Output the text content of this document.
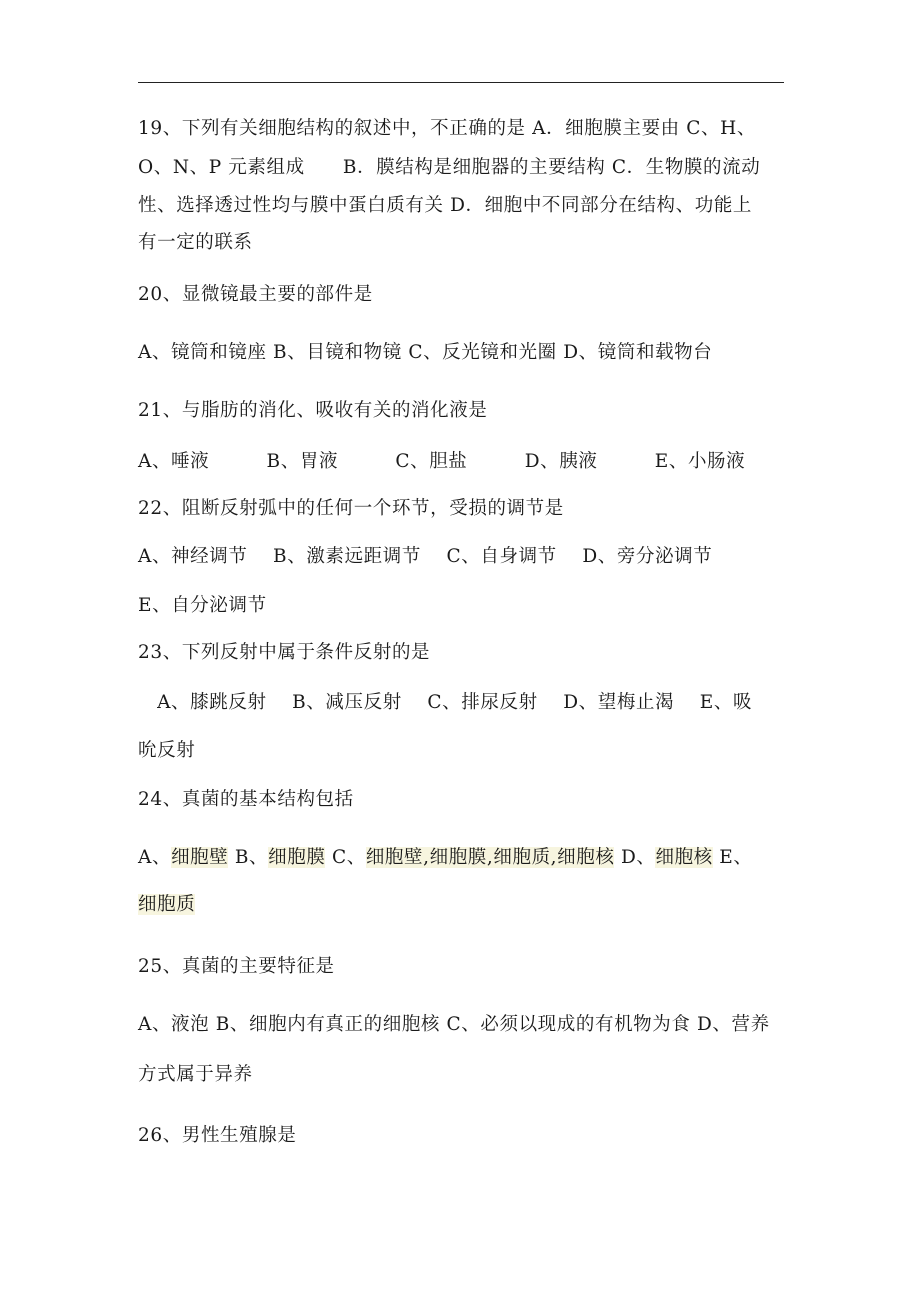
19、下列有关细胞结构的叙述中，不正确的是 A．细胞膜主要由 C、H、
O、N、P 元素组成　　B．膜结构是细胞器的主要结构 C．生物膜的流动
性、选择透过性均与膜中蛋白质有关 D．细胞中不同部分在结构、功能上
有一定的联系
20、显微镜最主要的部件是
A、镜筒和镜座 B、目镜和物镜 C、反光镜和光圈 D、镜筒和载物台
21、与脂肪的消化、吸收有关的消化液是
A、唾液　　　B、胃液　　　C、胆盐　　　D、胰液　　　E、小肠液
22、阻断反射弧中的任何一个环节，受损的调节是
A、神经调节　 B、激素远距调节　 C、自身调节　 D、旁分泌调节
E、自分泌调节
23、下列反射中属于条件反射的是
　A、膝跳反射　 B、减压反射　 C、排尿反射　 D、望梅止渴　 E、吸
吮反射
24、真菌的基本结构包括
A、细胞壁 B、细胞膜 C、细胞壁,细胞膜,细胞质,细胞核 D、细胞核 E、
细胞质
25、真菌的主要特征是
A、液泡 B、细胞内有真正的细胞核 C、必须以现成的有机物为食 D、营养
方式属于异养
26、男性生殖腺是
